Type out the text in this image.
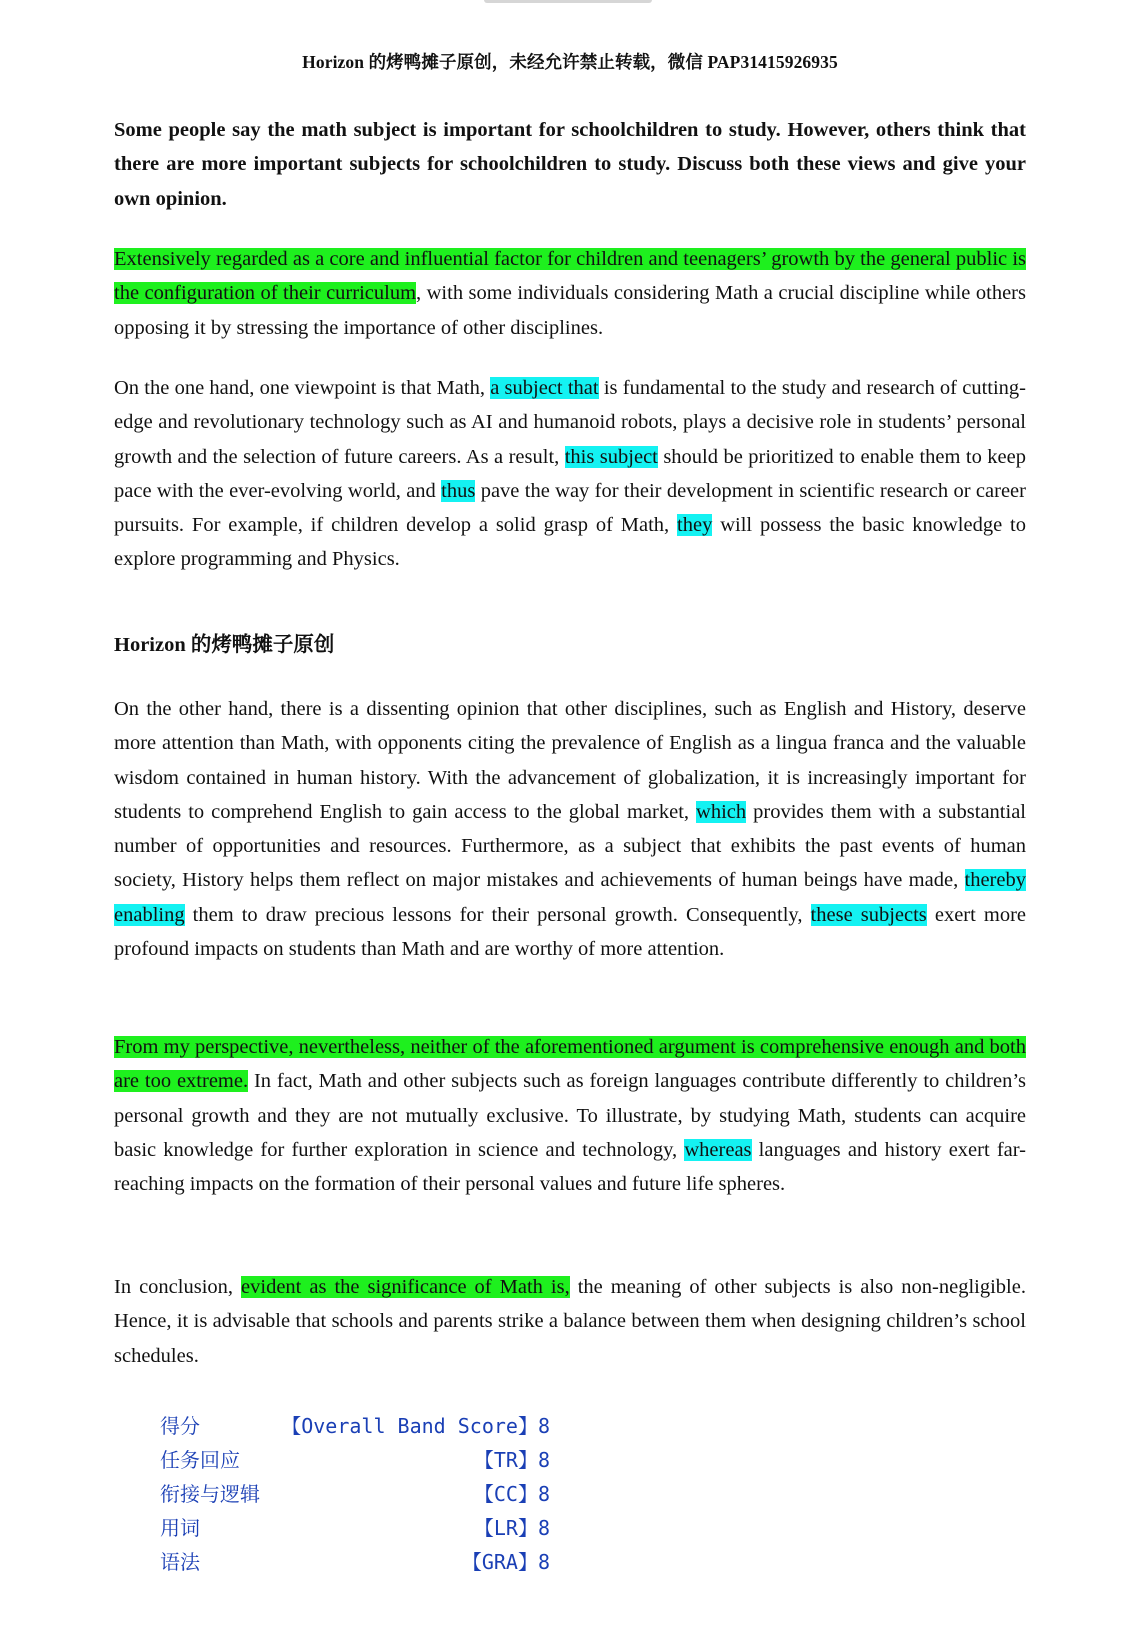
Horizon 的烤鸭摊子原创，未经允许禁止转载，微信 PAP31415926935

Some people say the math subject is important for schoolchildren to study. However, others think that there are more important subjects for schoolchildren to study. Discuss both these views and give your own opinion.

Extensively regarded as a core and influential factor for children and teenagers’ growth by the general public is the configuration of their curriculum, with some individuals considering Math a crucial discipline while others opposing it by stressing the importance of other disciplines.

On the one hand, one viewpoint is that Math, a subject that is fundamental to the study and research of cutting-edge and revolutionary technology such as AI and humanoid robots, plays a decisive role in students’ personal growth and the selection of future careers. As a result, this subject should be prioritized to enable them to keep pace with the ever-evolving world, and thus pave the way for their development in scientific research or career pursuits. For example, if children develop a solid grasp of Math, they will possess the basic knowledge to explore programming and Physics.

Horizon 的烤鸭摊子原创

On the other hand, there is a dissenting opinion that other disciplines, such as English and History, deserve more attention than Math, with opponents citing the prevalence of English as a lingua franca and the valuable wisdom contained in human history. With the advancement of globalization, it is increasingly important for students to comprehend English to gain access to the global market, which provides them with a substantial number of opportunities and resources. Furthermore, as a subject that exhibits the past events of human society, History helps them reflect on major mistakes and achievements of human beings have made, thereby enabling them to draw precious lessons for their personal growth. Consequently, these subjects exert more profound impacts on students than Math and are worthy of more attention.

From my perspective, nevertheless, neither of the aforementioned argument is comprehensive enough and both are too extreme. In fact, Math and other subjects such as foreign languages contribute differently to children’s personal growth and they are not mutually exclusive. To illustrate, by studying Math, students can acquire basic knowledge for further exploration in science and technology, whereas languages and history exert far-reaching impacts on the formation of their personal values and future life spheres.

In conclusion, evident as the significance of Math is, the meaning of other subjects is also non-negligible. Hence, it is advisable that schools and parents strike a balance between them when designing children’s school schedules.

得分	【Overall Band Score】8
任务回应	【TR】8
衔接与逻辑	【CC】8
用词	【LR】8
语法	【GRA】8
